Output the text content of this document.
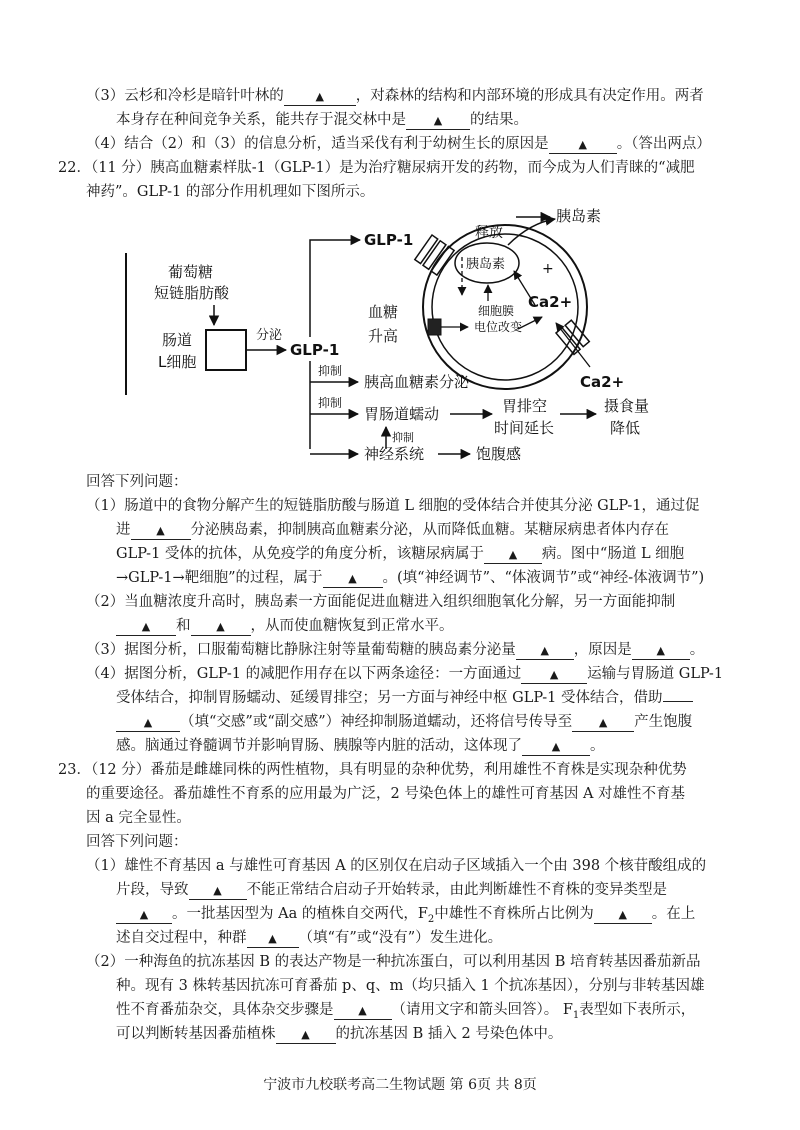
（3）云杉和冷杉是暗针叶林的	▲ ，对森林的结构和内部环境的形成具有决定作用。两者
本身存在种间竞争关系，能共存于混交林中是	▲ 的结果。
（4）结合（2）和（3）的信息分析，适当采伐有利于幼树生长的原因是	▲ 。（答出两点）
22．（11 分）胰高血糖素样肽-1（GLP-1）是为治疗糖尿病开发的药物，而今成为人们青睐的“减肥
神药”。GLP-1 的部分作用机理如下图所示。
葡萄糖
短链脂肪酸
肠道
L细胞
分泌
GLP-1
GLP-1	释放
胰岛素
胰岛素	+
Ca2+
细胞膜
电位改变
Ca2+
血糖
升高
抑制
胰高血糖素分泌
抑制
胃肠道蠕动	胃排空
时间延长
摄食量
降低
抑制
神经系统	饱腹感
回答下列问题：
（1）肠道中的食物分解产生的短链脂肪酸与肠道 L 细胞的受体结合并使其分泌 GLP-1，通过促
进 ▲ 分泌胰岛素，抑制胰高血糖素分泌，从而降低血糖。某糖尿病患者体内存在
GLP-1 受体的抗体，从免疫学的角度分析，该糖尿病属于 ▲ 病。图中“肠道 L 细胞
→GLP-1→靶细胞”的过程，属于 ▲ 。(填“神经调节”、“体液调节”或“神经-体液调节”)
（2）当血糖浓度升高时，胰岛素一方面能促进血糖进入组织细胞氧化分解，另一方面能抑制
▲ 和 ▲ ，从而使血糖恢复到正常水平。
（3）据图分析，口服葡萄糖比静脉注射等量葡萄糖的胰岛素分泌量 ▲ ，原因是 ▲ 。
（4）据图分析，GLP-1 的减肥作用存在以下两条途径：一方面通过	▲ 运输与胃肠道 GLP-1
受体结合，抑制胃肠蠕动、延缓胃排空；另一方面与神经中枢 GLP-1 受体结合，借助
▲ （填“交感”或“副交感”）神经抑制肠道蠕动，还将信号传导至 ▲ 产生饱腹
感。脑通过脊髓调节并影响胃肠、胰腺等内脏的活动，这体现了	▲ 。
23．（12 分）番茄是雌雄同株的两性植物，具有明显的杂种优势，利用雄性不育株是实现杂种优势
的重要途径。番茄雄性不育系的应用最为广泛，2 号染色体上的雄性可育基因 A 对雄性不育基
因 a 完全显性。
回答下列问题：
（1）雄性不育基因 a 与雄性可育基因 A 的区别仅在启动子区域插入一个由 398 个核苷酸组成的
片段，导致 ▲ 不能正常结合启动子开始转录，由此判断雄性不育株的变异类型是
▲ 。一批基因型为 Aa 的植株自交两代，$F_2$中雄性不育株所占比例为 ▲ 。在上
述自交过程中，种群 ▲ （填“有”或“没有”）发生进化。
（2）一种海鱼的抗冻基因 B 的表达产物是一种抗冻蛋白，可以利用基因 B 培育转基因番茄新品
种。现有 3 株转基因抗冻可育番茄 p、q、m（均只插入 1 个抗冻基因），分别与非转基因雄
性不育番茄杂交，具体杂交步骤是 ▲ （请用文字和箭头回答）。 $F_1$表型如下表所示，
可以判断转基因番茄植株 ▲ 的抗冻基因 B 插入 2 号染色体中。
宁波市九校联考高二生物试题 第 6页 共 8页
